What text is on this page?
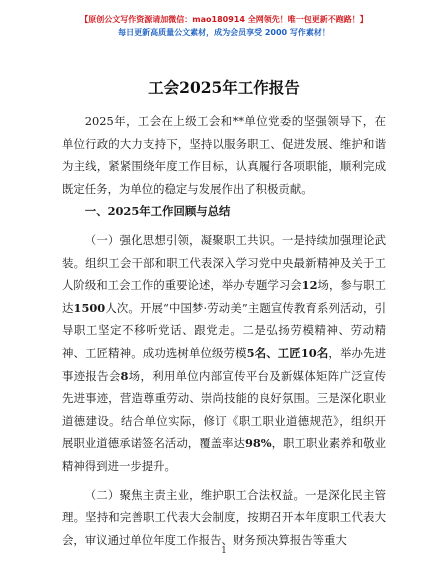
【原创公文写作资源请加微信：mao180914 全网领先！唯一包更新不跑路！】
每日更新高质量公文素材，成为会员享受 2000 写作素材！
工会2025年工作报告

2025年，工会在上级工会和**单位党委的坚强领导下，在单位行政的大力支持下，坚持以服务职工、促进发展、维护和谐为主线，紧紧围绕年度工作目标，认真履行各项职能，顺利完成既定任务，为单位的稳定与发展作出了积极贡献。

一、2025年工作回顾与总结

（一）强化思想引领，凝聚职工共识。一是持续加强理论武装。组织工会干部和职工代表深入学习党中央最新精神及关于工人阶级和工会工作的重要论述，举办专题学习会12场，参与职工达1500人次。开展“中国梦·劳动美”主题宣传教育系列活动，引导职工坚定不移听党话、跟党走。二是弘扬劳模精神、劳动精神、工匠精神。成功选树单位级劳模5名、工匠10名，举办先进事迹报告会8场，利用单位内部宣传平台及新媒体矩阵广泛宣传先进事迹，营造尊重劳动、崇尚技能的良好氛围。三是深化职业道德建设。结合单位实际，修订《职工职业道德规范》，组织开展职业道德承诺签名活动，覆盖率达98%，职工职业素养和敬业精神得到进一步提升。

（二）聚焦主责主业，维护职工合法权益。一是深化民主管理。坚持和完善职工代表大会制度，按期召开本年度职工代表大会，审议通过单位年度工作报告、财务预决算报告等重大

1
